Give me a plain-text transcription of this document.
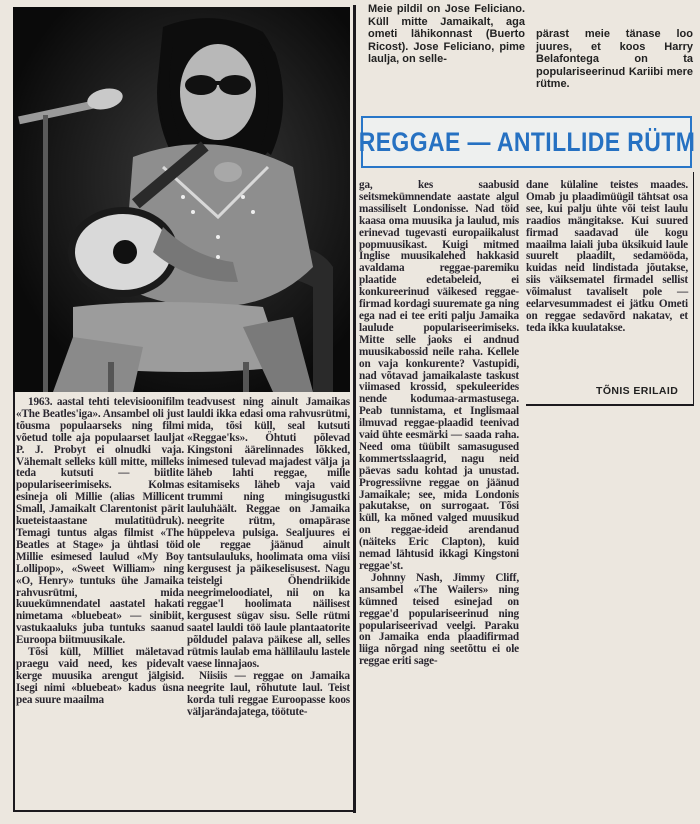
Meie pildil on Jose Feliciano. Küll mitte Jamaikalt, aga ometi lähikonnast (Buerto Ricost). Jose Feliciano, pime laulja, on selle-
pärast meie tänase loo juures, et koos Harry Belafontega on ta populariseerinud Kariibi mere rütme.
REGGAE — ANTILLIDE RÜTM

1963. aastal tehti televisioonifilm «The Beatles'iga». Ansambel oli just tõusma populaarseks ning filmi võetud tolle aja populaarset lauljat P. J. Probyt ei olnudki vaja. Vähemalt selleks küll mitte, milleks teda kutsuti — biitlite populariseerimiseks. Kolmas esineja oli Millie (alias Millicent Small, Jamaikalt Clarentonist pärit kueteistaastane mulatitüdruk). Temagi tuntus algas filmist «The Beatles at Stage» ja ühtlasi töid Millie esimesed laulud «My Boy Lollipop», «Sweet William» ning «O, Henry» tuntuks ühe Jamaika rahvusrütmi, mida kuuekümnendatel aastatel hakati nimetama «bluebeat» — sinibiit, vastukaaluks juba tuntuks saanud Euroopa biitmuusikale.

Tõsi küll, Milliet mäletavad praegu vaid need, kes pidevalt kerge muusika arengut jälgisid. Isegi nimi «bluebeat» kadus üsna pea suure maailma

teadvusest ning ainult Jamaikas lauldi ikka edasi oma rahvusrütmi, mida, tõsi küll, seal kutsuti «Reggae'ks». Öhtuti põlevad Kingstoni äärelinnades lõkked, inimesed tulevad majadest välja ja läheb lahti reggae, mille esitamiseks läheb vaja vaid trummi ning mingisugustki lauluhäält. Reggae on Jamaika neegrite rütm, omapärase hüppeleva pulsiga. Sealjuures ei ole reggae jäänud ainult tantsulauluks, hoolimata oma viisi kergusest ja päikeselisusest. Nagu teistelgi Öhendriikide neegrimeloodiatel, nii on ka reggae'l hoolimata näilisest kergusest sügav sisu. Selle rütmi saatel lauldi töö laule plantaatorite põldudel palava päikese all, selles rütmis laulab ema hällilaulu lastele vaese linnajaos.

Niisiis — reggae on Jamaika neegrite laul, rõhutute laul. Teist korda tuli reggae Euroopasse koos väljarändajatega, töötute-

ga, kes saabusid seitsmekümnendate aastate algul massiliselt Londonisse. Nad töid kaasa oma muusika ja laulud, mis erinevad tugevasti europaiikalust popmuusikast. Kuigi mitmed Inglise muusikalehed hakkasid avaldama reggae-paremiku plaatide edetabeleid, ei konkureerinud väikesed reggae-firmad kordagi suuremate ga ning ega nad ei tee eriti palju Jamaika laulude populariseerimiseks. Mitte selle jaoks ei andnud muusikabossid neile raha. Kellele on vaja konkurente? Vastupidi, nad võtavad jamaikalaste taskust viimased krossid, spekuleerides nende kodumaa-armastusega. Peab tunnistama, et Inglismaal ilmuvad reggae-plaadid teenivad vaid ühte eesmärki — saada raha. Need oma tüübilt samasugused kommertsslaagrid, nagu neid päevas sadu kohtad ja unustad. Progressiivne reggae on jäänud Jamaikale; see, mida Londonis pakutakse, on surrogaat. Tõsi küll, ka mõned valged muusikud on reggae-ideid arendanud (näiteks Eric Clapton), kuid nemad lähtusid ikkagi Kingstoni reggae'st.

Johnny Nash, Jimmy Cliff, ansambel «The Wailers» ning kümned teised esinejad on reggae'd populariseerinud ning populariseerivad veelgi. Paraku on Jamaika enda plaadifirmad liiga nõrgad ning seetõttu ei ole reggae eriti sage-

dane külaline teistes maades. Omab ju plaadimüügil tähtsat osa see, kui palju ühte või teist laulu raadios mängitakse. Kui suured firmad saadavad üle kogu maailma laiali juba üksikuid laule suurelt plaadilt, sedamööda, kuidas neid lindistada jõutakse, siis väiksematel firmadel sellist võimalust tavaliselt pole — eelarvesummadest ei jätku Ometi on reggae sedavõrd nakatav, et teda ikka kuulatakse.

TÕNIS ERILAID
